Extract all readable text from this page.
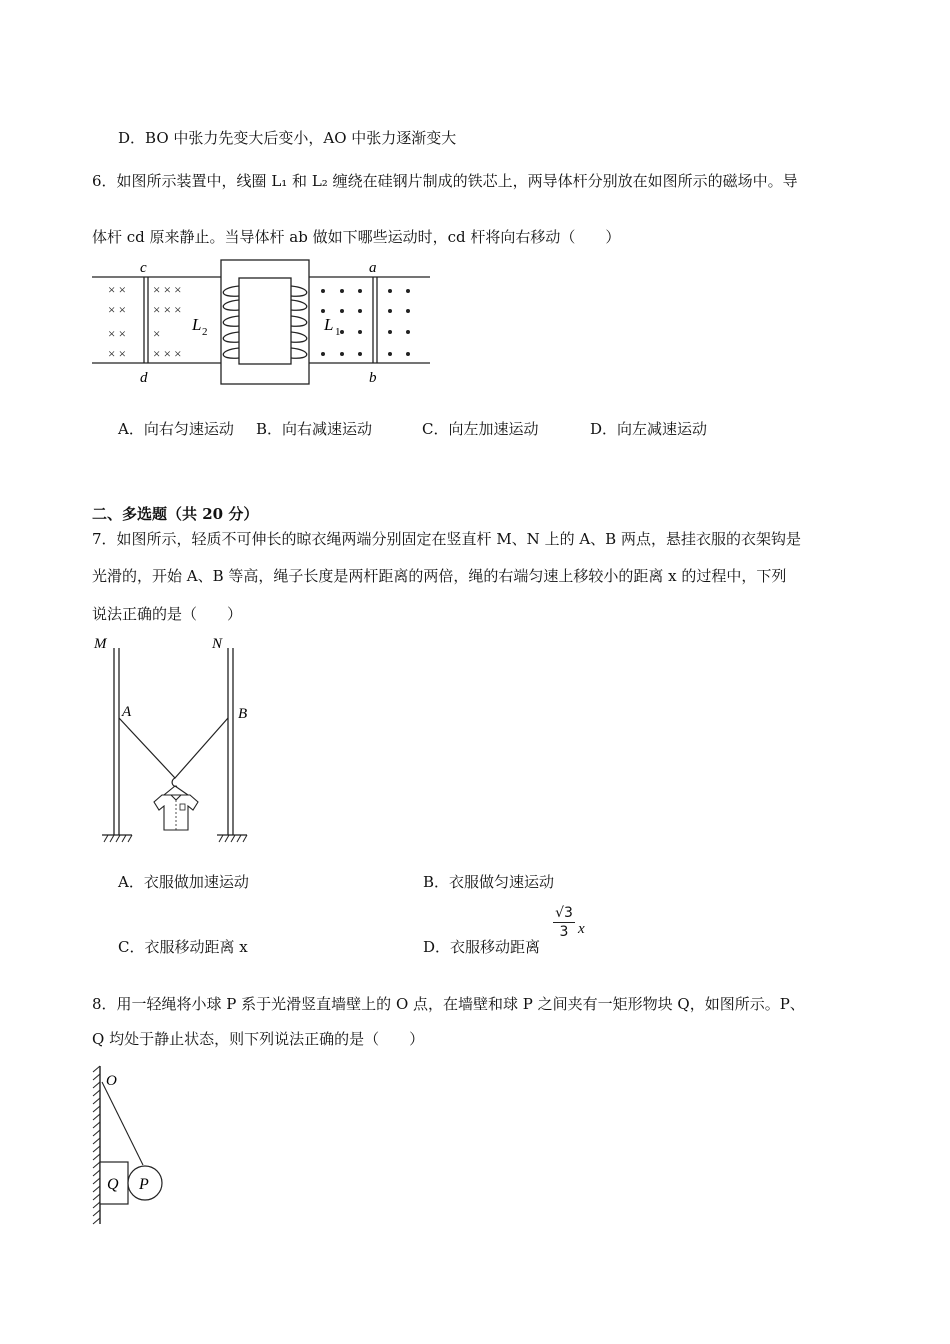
D．BO 中张力先变大后变小，AO 中张力逐渐变大
6．如图所示装置中，线圈 L₁ 和 L₂ 缠绕在硅钢片制成的铁芯上，两导体杆分别放在如图所示的磁场中。导
体杆 cd 原来静止。当导体杆 ab 做如下哪些运动时，cd 杆将向右移动（　　）
× ×
× ×
× ×
× ×
× × ×
× × ×
×
× × ×
c
d
a
b
L 2	L 1
A．向右匀速运动 B．向右减速运动	C．向左加速运动	D．向左减速运动
二、多选题（共 20 分）
7．如图所示，轻质不可伸长的晾衣绳两端分别固定在竖直杆 M、N 上的 A、B 两点，悬挂衣服的衣架钩是
光滑的，开始 A、B 等高，绳子长度是两杆距离的两倍，绳的右端匀速上移较小的距离 x 的过程中，下列
说法正确的是（　　）
M	N
A	B
A．衣服做加速运动	B．衣服做匀速运动
C．衣服移动距离 x	D．衣服移动距离
$\frac{√3}{3}$ x
8．用一轻绳将小球 P 系于光滑竖直墙壁上的 O 点，在墙壁和球 P 之间夹有一矩形物块 Q，如图所示。P、
Q 均处于静止状态，则下列说法正确的是（　　）
O
Q P
